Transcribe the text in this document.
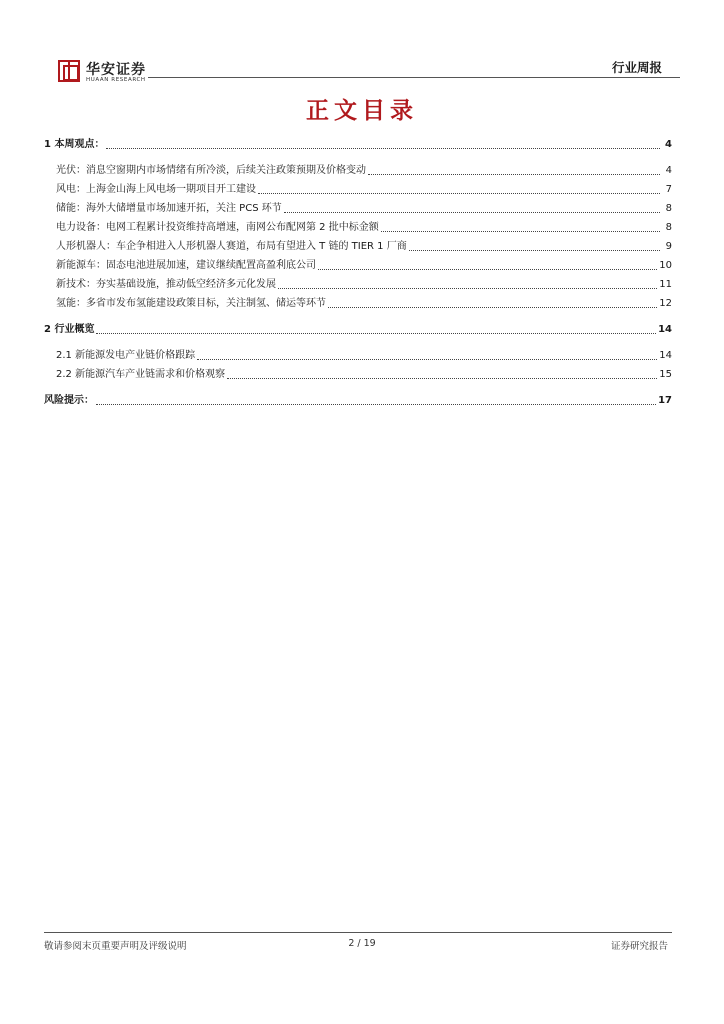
华安证券
HUAAN RESEARCH
行业周报
正文目录
1 本周观点：	4
光伏：消息空窗期内市场情绪有所冷淡，后续关注政策预期及价格变动	4
风电：上海金山海上风电场一期项目开工建设	7
储能：海外大储增量市场加速开拓，关注 PCS 环节	8
电力设备：电网工程累计投资维持高增速，南网公布配网第 2 批中标金额	8
人形机器人：车企争相进入人形机器人赛道，布局有望进入 T 链的 TIER 1 厂商	9
新能源车：固态电池进展加速，建议继续配置高盈利底公司	10
新技术：夯实基础设施，推动低空经济多元化发展	11
氢能：多省市发布氢能建设政策目标，关注制氢、储运等环节	12
2 行业概览	14
2.1 新能源发电产业链价格跟踪	14
2.2 新能源汽车产业链需求和价格观察	15
风险提示：	17
敬请参阅末页重要声明及评级说明	2 / 19	证券研究报告
